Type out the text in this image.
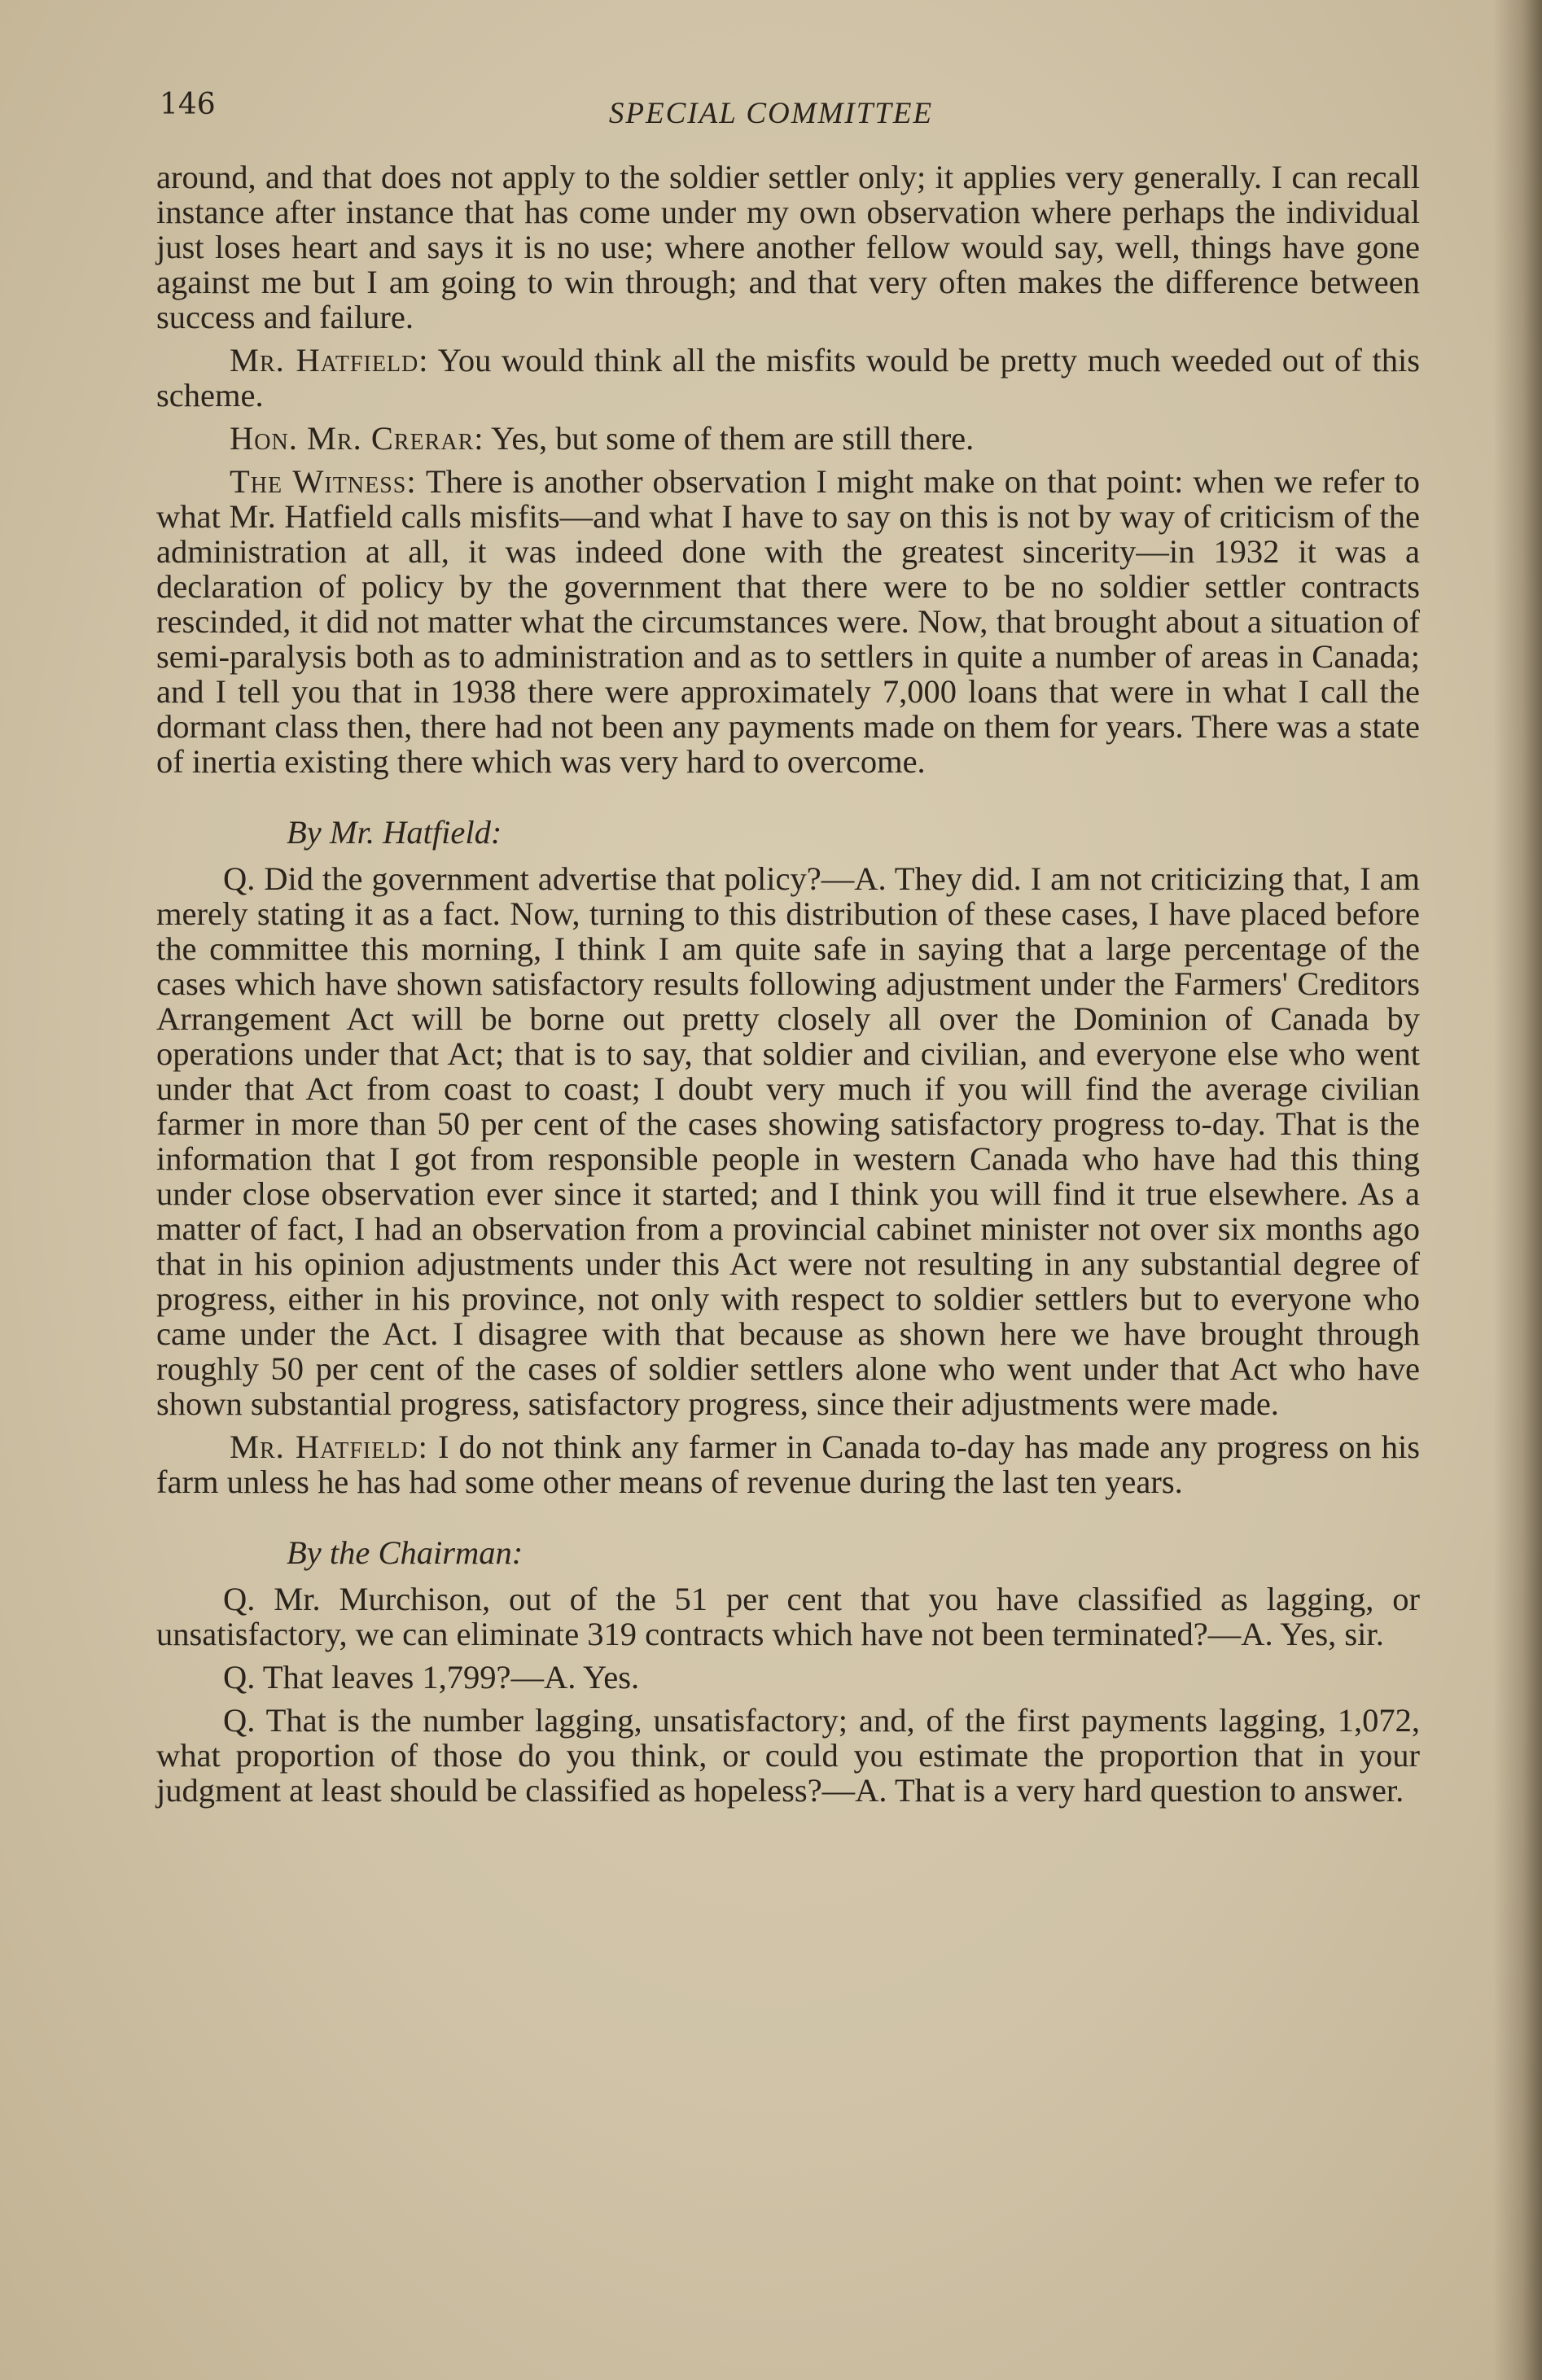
146	SPECIAL COMMITTEE

around, and that does not apply to the soldier settler only; it applies very generally. I can recall instance after instance that has come under my own observation where perhaps the individual just loses heart and says it is no use; where another fellow would say, well, things have gone against me but I am going to win through; and that very often makes the difference between success and failure.

Mr. Hatfield: You would think all the misfits would be pretty much weeded out of this scheme.

Hon. Mr. Crerar: Yes, but some of them are still there.

The Witness: There is another observation I might make on that point: when we refer to what Mr. Hatfield calls misfits—and what I have to say on this is not by way of criticism of the administration at all, it was indeed done with the greatest sincerity—in 1932 it was a declaration of policy by the government that there were to be no soldier settler contracts rescinded, it did not matter what the circumstances were. Now, that brought about a situation of semi-paralysis both as to administration and as to settlers in quite a number of areas in Canada; and I tell you that in 1938 there were approximately 7,000 loans that were in what I call the dormant class then, there had not been any payments made on them for years. There was a state of inertia existing there which was very hard to overcome.

By Mr. Hatfield:

Q. Did the government advertise that policy?—A. They did. I am not criticizing that, I am merely stating it as a fact. Now, turning to this distribution of these cases, I have placed before the committee this morning, I think I am quite safe in saying that a large percentage of the cases which have shown satisfactory results following adjustment under the Farmers' Creditors Arrangement Act will be borne out pretty closely all over the Dominion of Canada by operations under that Act; that is to say, that soldier and civilian, and everyone else who went under that Act from coast to coast; I doubt very much if you will find the average civilian farmer in more than 50 per cent of the cases showing satisfactory progress to-day. That is the information that I got from responsible people in western Canada who have had this thing under close observation ever since it started; and I think you will find it true elsewhere. As a matter of fact, I had an observation from a provincial cabinet minister not over six months ago that in his opinion adjustments under this Act were not resulting in any substantial degree of progress, either in his province, not only with respect to soldier settlers but to everyone who came under the Act. I disagree with that because as shown here we have brought through roughly 50 per cent of the cases of soldier settlers alone who went under that Act who have shown substantial progress, satisfactory progress, since their adjustments were made.

Mr. Hatfield: I do not think any farmer in Canada to-day has made any progress on his farm unless he has had some other means of revenue during the last ten years.

By the Chairman:

Q. Mr. Murchison, out of the 51 per cent that you have classified as lagging, or unsatisfactory, we can eliminate 319 contracts which have not been terminated?—A. Yes, sir.

Q. That leaves 1,799?—A. Yes.

Q. That is the number lagging, unsatisfactory; and, of the first payments lagging, 1,072, what proportion of those do you think, or could you estimate the proportion that in your judgment at least should be classified as hopeless?—A. That is a very hard question to answer.
